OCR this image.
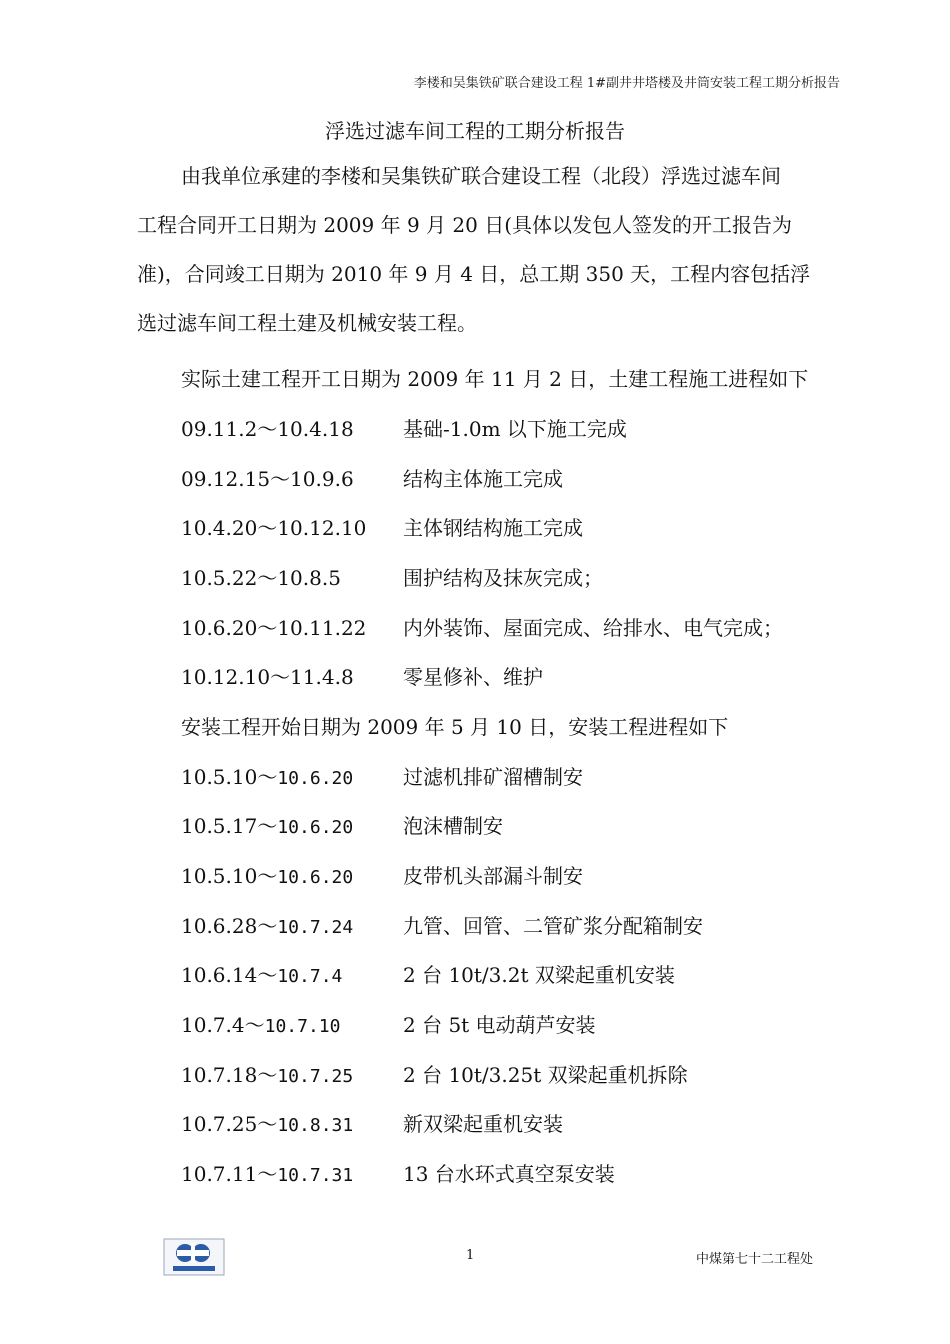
李楼和吴集铁矿联合建设工程 1#副井井塔楼及井筒安装工程工期分析报告
浮选过滤车间工程的工期分析报告
由我单位承建的李楼和吴集铁矿联合建设工程（北段）浮选过滤车间
工程合同开工日期为 2009 年 9 月 20 日(具体以发包人签发的开工报告为
准)，合同竣工日期为 2010 年 9 月 4 日，总工期 350 天，工程内容包括浮
选过滤车间工程土建及机械安装工程。
实际土建工程开工日期为 2009 年 11 月 2 日，土建工程施工进程如下
09.11.2～10.4.18 基础-1.0m 以下施工完成
09.12.15～10.9.6 结构主体施工完成
10.4.20～10.12.10 主体钢结构施工完成
10.5.22～10.8.5	围护结构及抹灰完成；
10.6.20～10.11.22 内外装饰、屋面完成、给排水、电气完成；
10.12.10～11.4.8 零星修补、维护
安装工程开始日期为 2009 年 5 月 10 日，安装工程进程如下
10.5.10～10.6.20 过滤机排矿溜槽制安
10.5.17～10.6.20 泡沫槽制安
10.5.10～10.6.20 皮带机头部漏斗制安
10.6.28～10.7.24 九管、回管、二管矿浆分配箱制安
10.6.14～10.7.4	2 台 10t/3.2t 双梁起重机安装
10.7.4～10.7.10	2 台 5t 电动葫芦安装
10.7.18～10.7.25 2 台 10t/3.25t 双梁起重机拆除
10.7.25～10.8.31 新双梁起重机安装
10.7.11～10.7.31 13 台水环式真空泵安装
1	中煤第七十二工程处
